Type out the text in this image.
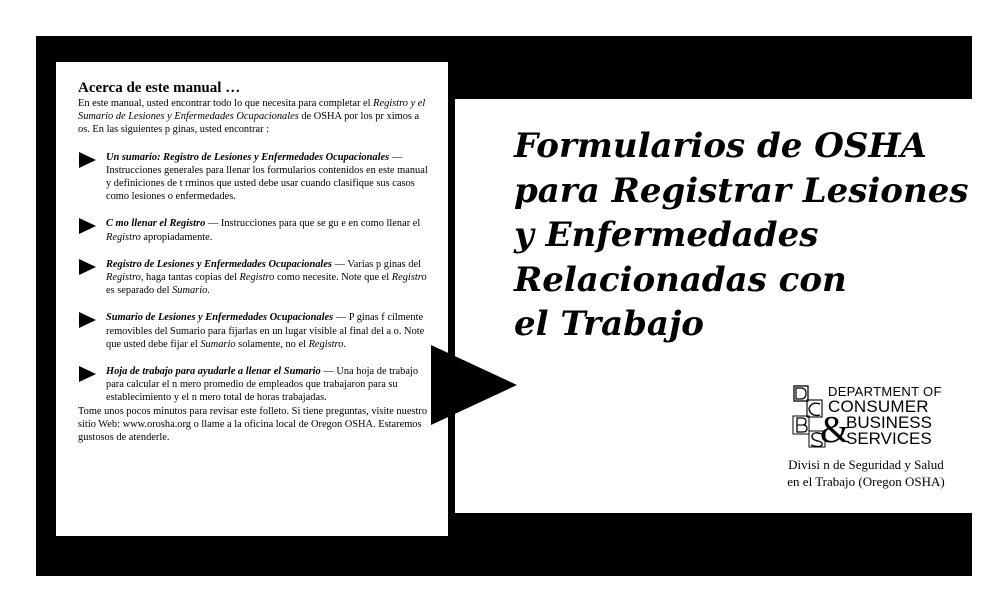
Acerca de este manual …

En este manual, usted encontrar todo lo que necesita para completar el Registro y el Sumario de Lesiones y Enfermedades Ocupacionales de OSHA por los pr ximos a os. En las siguientes p ginas, usted encontrar :

Un sumario: Registro de Lesiones y Enfermedades Ocupacionales — Instrucciones generales para llenar los formularios contenidos en este manual y definiciones de t rminos que usted debe usar cuando clasifique sus casos como lesiones o enfermedades.

C mo llenar el Registro — Instrucciones para que se gu e en como llenar el Registro apropiadamente.

Registro de Lesiones y Enfermedades Ocupacionales — Varias p ginas del Registro, haga tantas copias del Registro como necesite. Note que el Registro es separado del Sumario.

Sumario de Lesiones y Enfermedades Ocupacionales — P ginas f cilmente removibles del Sumario para fijarlas en un lugar visible al final del a o. Note que usted debe fijar el Sumario solamente, no el Registro.

Hoja de trabajo para ayudarle a llenar el Sumario — Una hoja de trabajo para calcular el n mero promedio de empleados que trabajaron para su establecimiento y el n mero total de horas trabajadas.

Tome unos pocos minutos para revisar este folleto. Si tiene preguntas, visite nuestro sitio Web: www.orosha.org o llame a la oficina local de Oregon OSHA. Estaremos gustosos de atenderle.

Formularios de OSHA
para Registrar Lesiones
y Enfermedades
Relacionadas con
el Trabajo
DEPARTMENT OF
CONSUMER
&
BUSINESS
SERVICES
Divisi n de Seguridad y Salud
en el Trabajo (Oregon OSHA)
